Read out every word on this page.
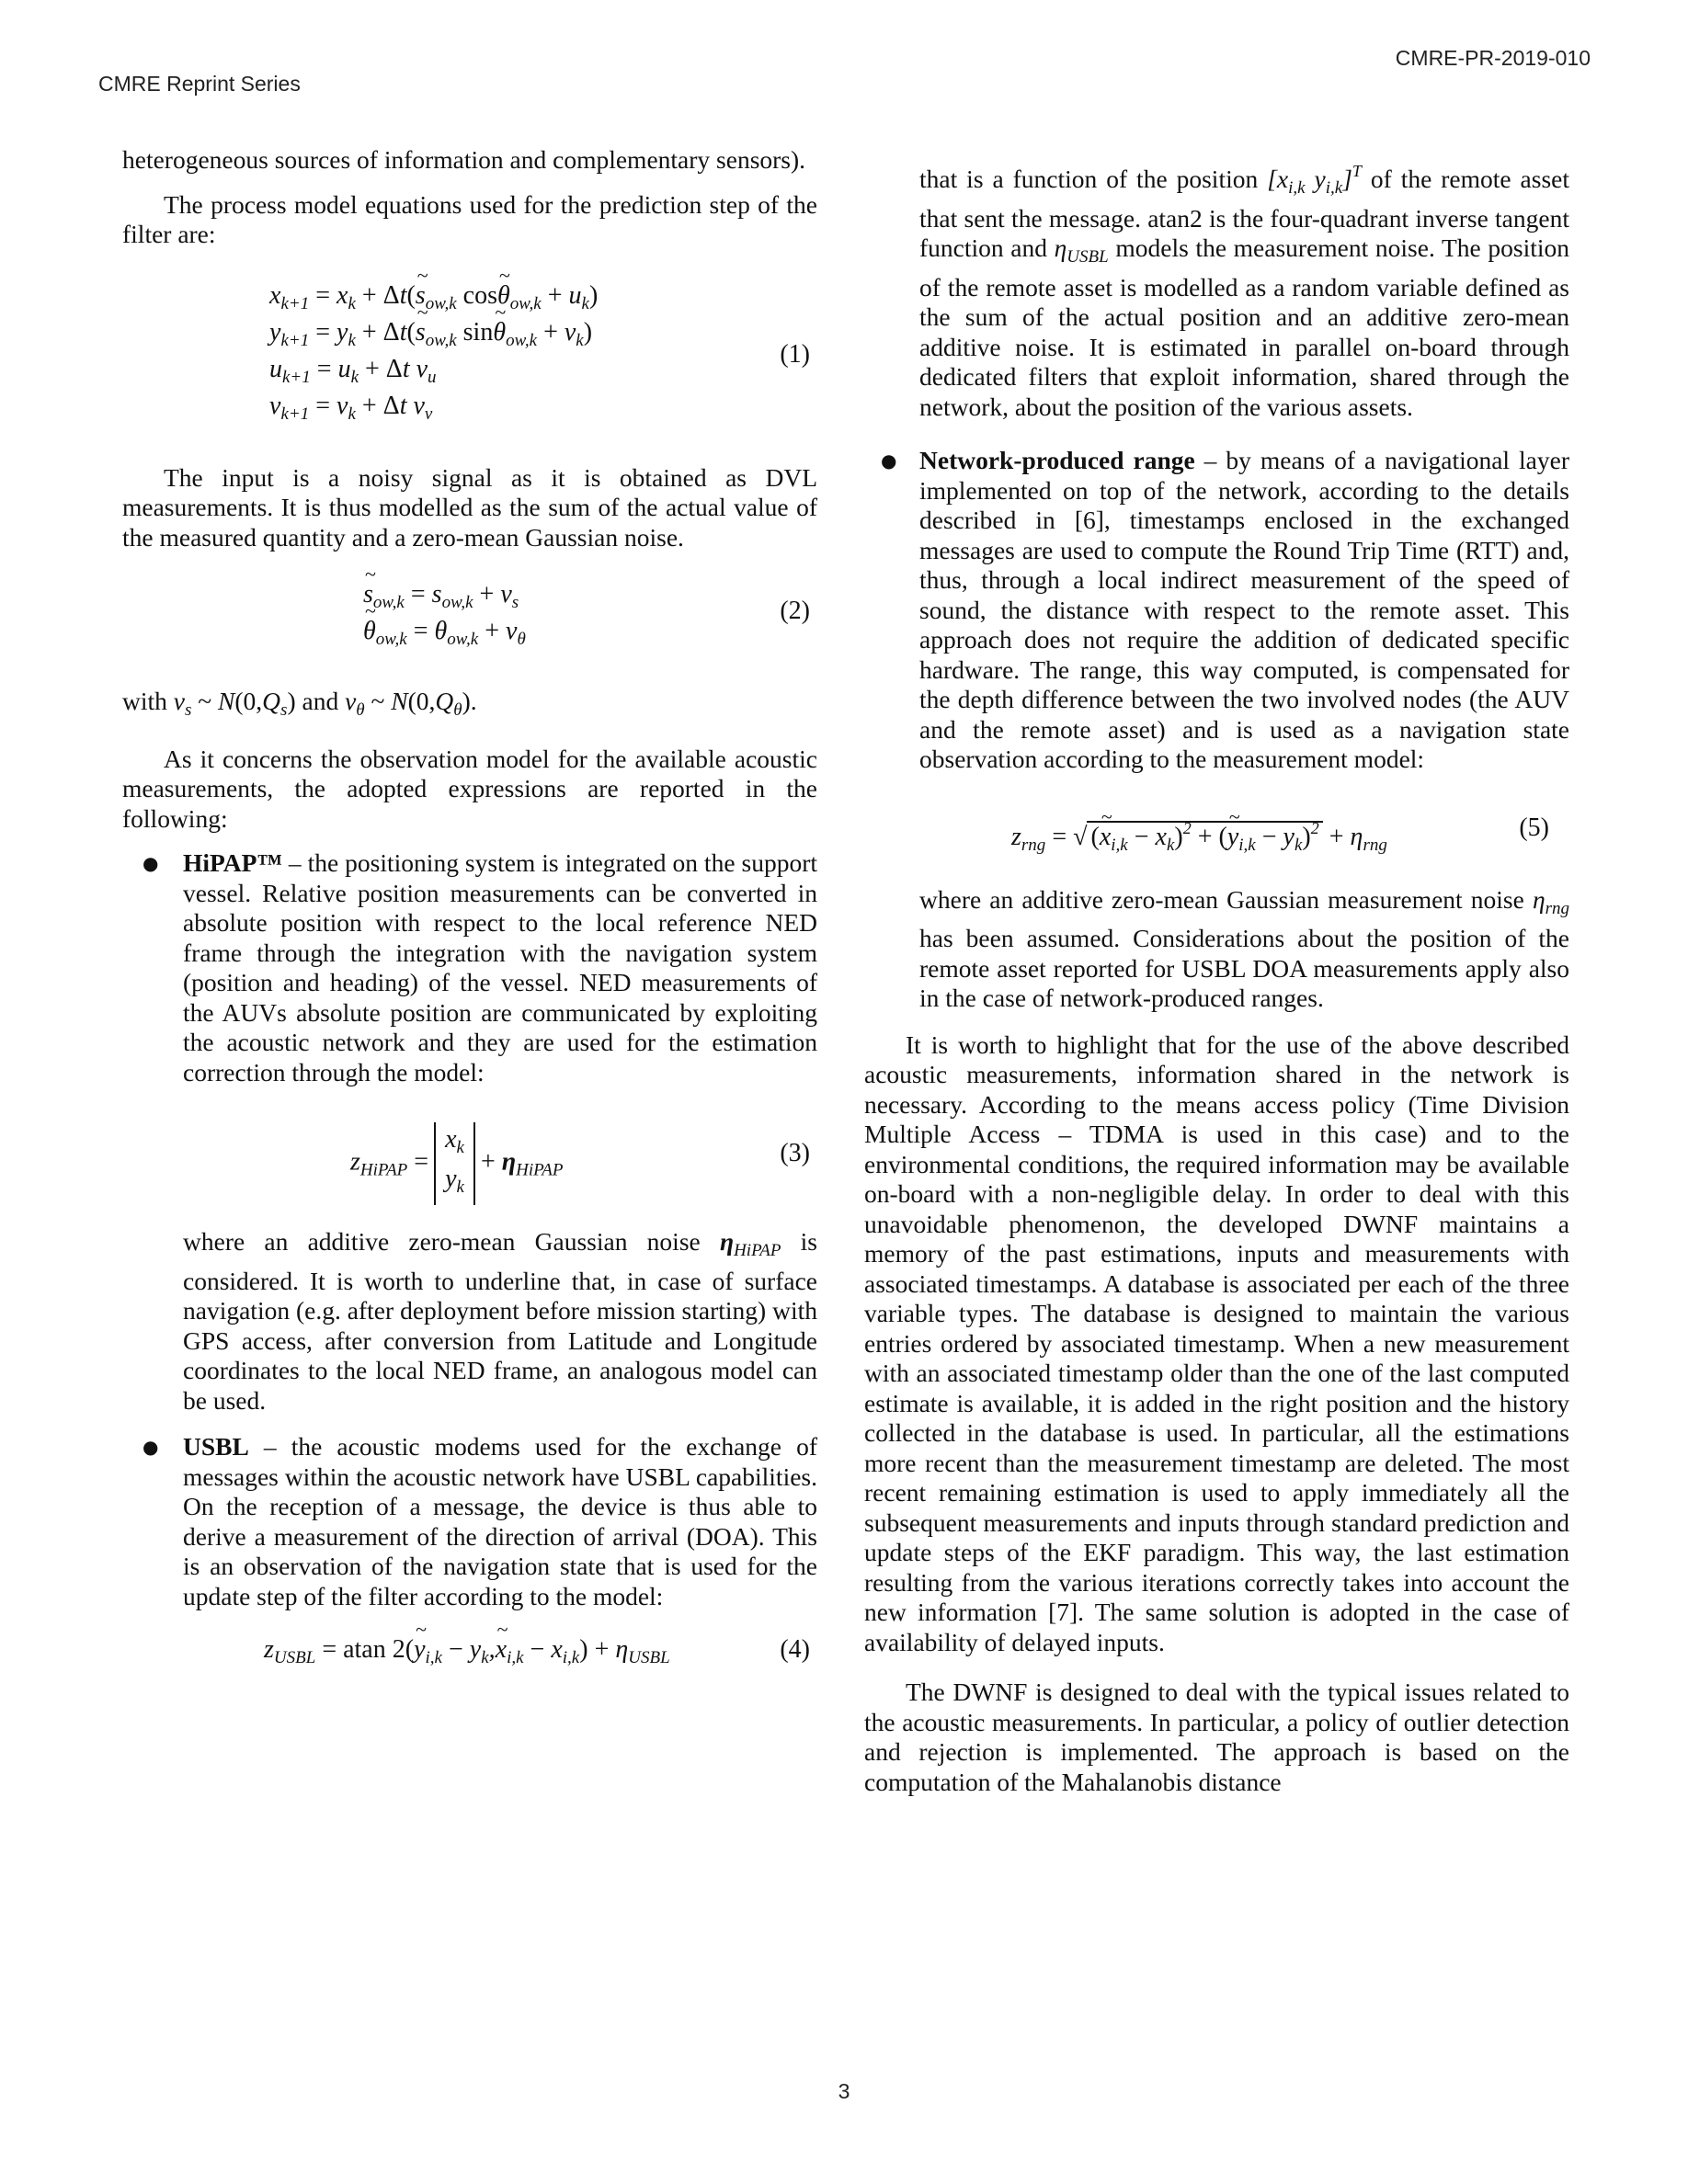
CMRE-PR-2019-010
CMRE Reprint Series

heterogeneous sources of information and complementary sensors).

The process model equations used for the prediction step of the filter are:

$x_{k+1} = x_k$ + Δt(~ $s_{ow,k}$ cos~ $\theta_{ow,k} + u_k$)
$y_{k+1} = y_k$ + Δt(~ $s_{ow,k}$ sin~ $\theta_{ow,k} + v_k$)
$u_{k+1} = u_k + \Delta t$ $\nu_u$
$v_{k+1} = v_k + \Delta t$ $\nu_v$
(1)

The input is a noisy signal as it is obtained as DVL measurements. It is thus modelled as the sum of the actual value of the measured quantity and a zero-mean Gaussian noise.

~ $s_{ow,k} = s_{ow,k} + \nu_s$
~ $\theta_{ow,k} = \theta_{ow,k} + \nu_\theta$
(2)

with $\nu_s$ ~ $N(0,Q_s)$ and $\nu_\theta$ ~ $N(0,Q_\theta)$.

As it concerns the observation model for the available acoustic measurements, the adopted expressions are reported in the following:

● HiPAP™ – the positioning system is integrated on the support vessel. Relative position measurements can be converted in absolute position with respect to the local reference NED frame through the integration with the navigation system (position and heading) of the vessel. NED measurements of the AUVs absolute position are communicated by exploiting the acoustic network and they are used for the estimation correction through the model:
$z_{HiPAP} =x_k$
$y_k+ \eta_{HiPAP}$
(3)

where an additive zero-mean Gaussian noise $\eta_{HiPAP}$ is considered. It is worth to underline that, in case of surface navigation (e.g. after deployment before mission starting) with GPS access, after conversion from Latitude and Longitude coordinates to the local NED frame, an analogous model can be used.

● USBL – the acoustic modems used for the exchange of messages within the acoustic network have USBL capabilities. On the reception of a message, the device is thus able to derive a measurement of the direction of arrival (DOA). This is an observation of the navigation state that is used for the update step of the filter according to the model:
$z_{USBL} = atan$ 2(~ $y_{i,k}$ − $y_k,\sim$ $x_{i,k} - x_{i,k}) + \eta_{USBL}$	(4)

that is a function of the position [$x_{i,k}$ $y_{i,k}]^T$ of the remote asset that sent the message. atan2 is the four-quadrant inverse tangent function and $\eta_{USBL}$ models the measurement noise. The position of the remote asset is modelled as a random variable defined as the sum of the actual position and an additive zero-mean additive noise. It is estimated in parallel on-board through dedicated filters that exploit information, shared through the network, about the position of the various assets.

● Network-produced range – by means of a navigational layer implemented on top of the network, according to the details described in [6], timestamps enclosed in the exchanged messages are used to compute the Round Trip Time (RTT) and, thus, through a local indirect measurement of the speed of sound, the distance with respect to the remote asset. This approach does not require the addition of dedicated specific hardware. The range, this way computed, is compensated for the depth difference between the two involved nodes (the AUV and the remote asset) and is used as a navigation state observation according to the measurement model:
$z_{rng}$ = √ (~ $x_{i,k} - x_k)^2$ + (~ $y_{i,k} - y_k)^2 + \eta_{rng}$
(5)

where an additive zero-mean Gaussian measurement noise $\eta_{rng}$ has been assumed. Considerations about the position of the remote asset reported for USBL DOA measurements apply also in the case of network-produced ranges.

It is worth to highlight that for the use of the above described acoustic measurements, information shared in the network is necessary. According to the means access policy (Time Division Multiple Access – TDMA is used in this case) and to the environmental conditions, the required information may be available on-board with a non-negligible delay. In order to deal with this unavoidable phenomenon, the developed DWNF maintains a memory of the past estimations, inputs and measurements with associated timestamps. A database is associated per each of the three variable types. The database is designed to maintain the various entries ordered by associated timestamp. When a new measurement with an associated timestamp older than the one of the last computed estimate is available, it is added in the right position and the history collected in the database is used. In particular, all the estimations more recent than the measurement timestamp are deleted. The most recent remaining estimation is used to apply immediately all the subsequent measurements and inputs through standard prediction and update steps of the EKF paradigm. This way, the last estimation resulting from the various iterations correctly takes into account the new information [7]. The same solution is adopted in the case of availability of delayed inputs.

The DWNF is designed to deal with the typical issues related to the acoustic measurements. In particular, a policy of outlier detection and rejection is implemented. The approach is based on the computation of the Mahalanobis distance

3
